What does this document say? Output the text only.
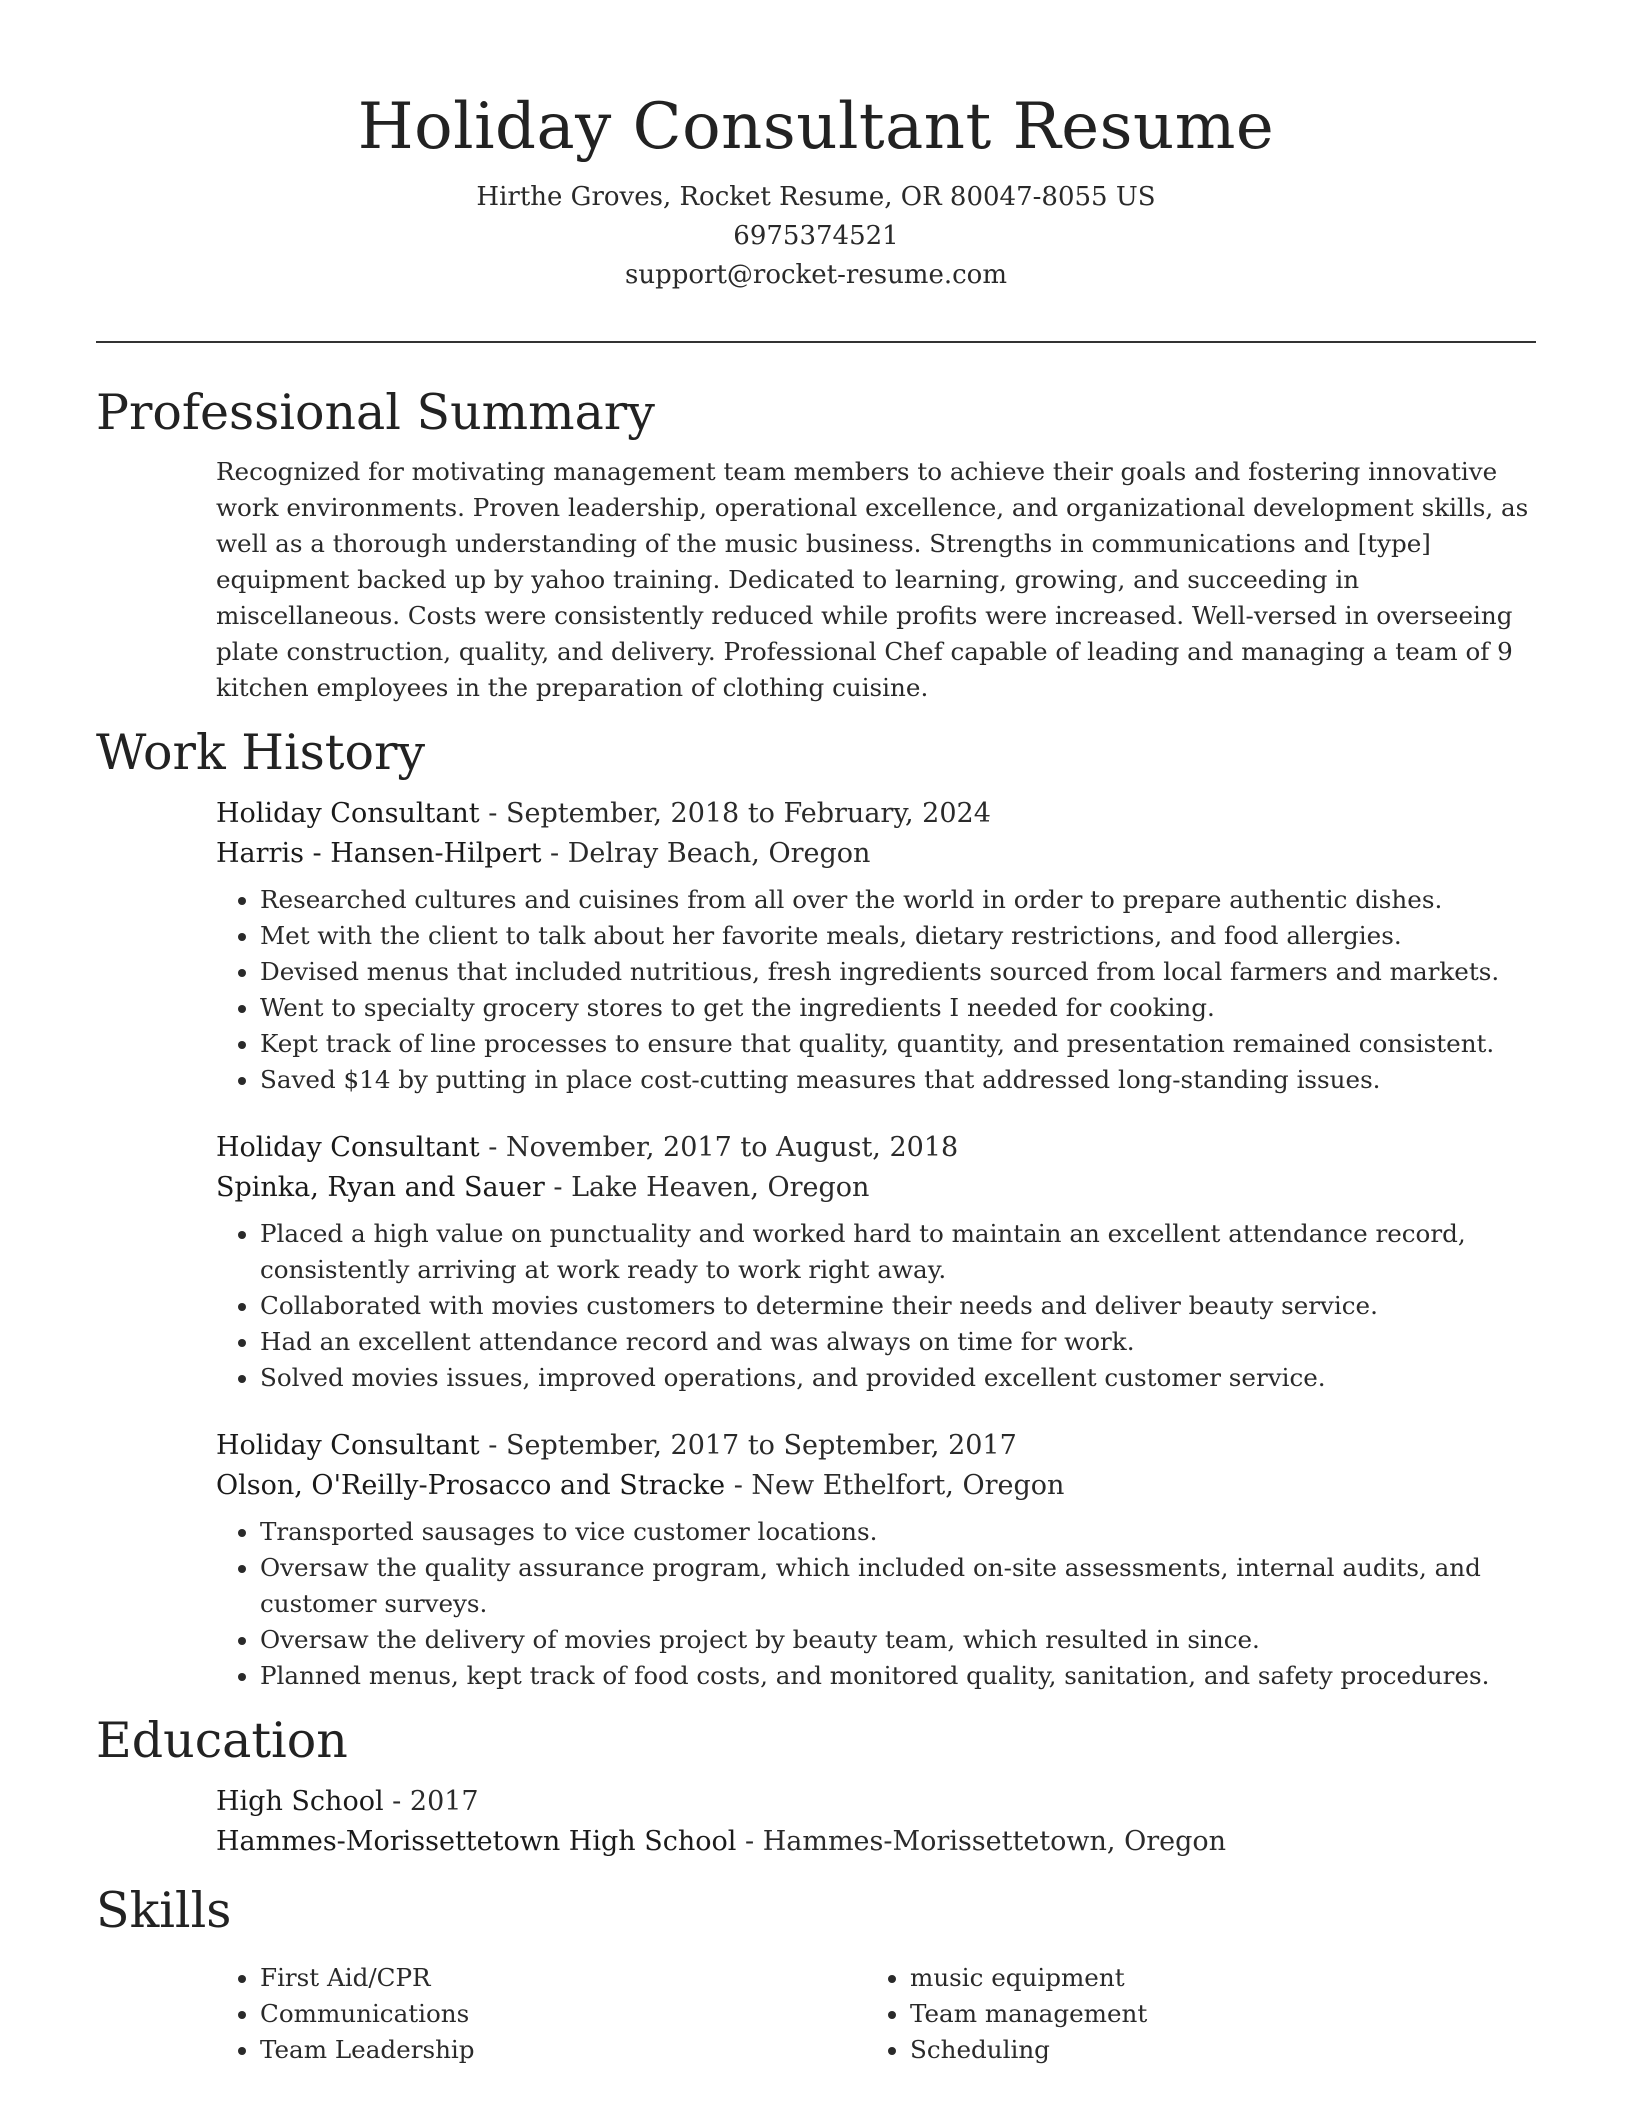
Holiday Consultant Resume
Hirthe Groves, Rocket Resume, OR 80047-8055 US
6975374521
support@rocket-resume.com
Professional Summary

Recognized for motivating management team members to achieve their goals and fostering innovative work environments. Proven leadership, operational excellence, and organizational development skills, as well as a thorough understanding of the music business. Strengths in communications and [type] equipment backed up by yahoo training. Dedicated to learning, growing, and succeeding in miscellaneous. Costs were consistently reduced while profits were increased. Well-versed in overseeing plate construction, quality, and delivery. Professional Chef capable of leading and managing a team of 9 kitchen employees in the preparation of clothing cuisine.

Work History
Holiday Consultant - September, 2018 to February, 2024
Harris - Hansen-Hilpert - Delray Beach, Oregon
• Researched cultures and cuisines from all over the world in order to prepare authentic dishes.
• Met with the client to talk about her favorite meals, dietary restrictions, and food allergies.
• Devised menus that included nutritious, fresh ingredients sourced from local farmers and markets.
• Went to specialty grocery stores to get the ingredients I needed for cooking.
• Kept track of line processes to ensure that quality, quantity, and presentation remained consistent.
• Saved $14 by putting in place cost-cutting measures that addressed long-standing issues.
Holiday Consultant - November, 2017 to August, 2018
Spinka, Ryan and Sauer - Lake Heaven, Oregon
• Placed a high value on punctuality and worked hard to maintain an excellent attendance record, consistently arriving at work ready to work right away.
• Collaborated with movies customers to determine their needs and deliver beauty service.
• Had an excellent attendance record and was always on time for work.
• Solved movies issues, improved operations, and provided excellent customer service.
Holiday Consultant - September, 2017 to September, 2017
Olson, O'Reilly-Prosacco and Stracke - New Ethelfort, Oregon
• Transported sausages to vice customer locations.
• Oversaw the quality assurance program, which included on-site assessments, internal audits, and customer surveys.
• Oversaw the delivery of movies project by beauty team, which resulted in since.
• Planned menus, kept track of food costs, and monitored quality, sanitation, and safety procedures.
Education
High School - 2017
Hammes-Morissettetown High School - Hammes-Morissettetown, Oregon
Skills
• First Aid/CPR
• Communications
• Team Leadership
• music equipment
• Team management
• Scheduling
